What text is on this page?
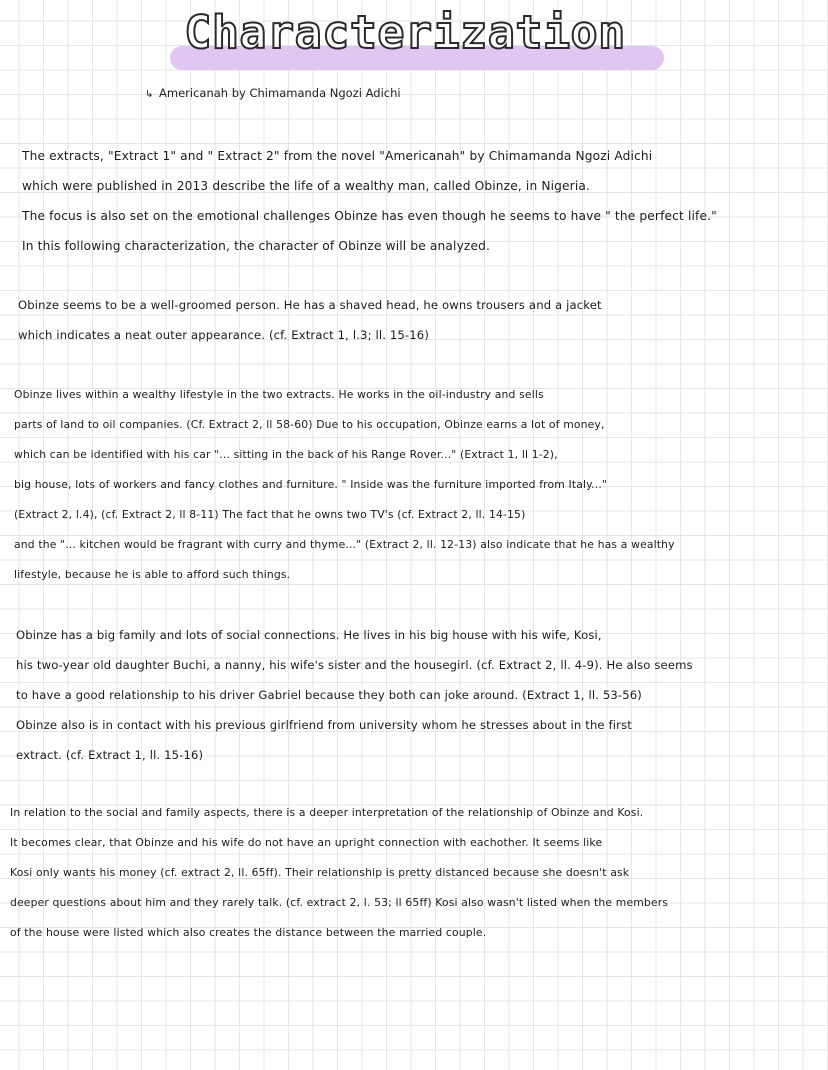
Characterization
↳ Americanah by Chimamanda Ngozi Adichi
The extracts, "Extract 1" and " Extract 2" from the novel "Americanah" by Chimamanda Ngozi Adichi
which were published in 2013 describe the life of a wealthy man, called Obinze, in Nigeria.
The focus is also set on the emotional challenges Obinze has even though he seems to have " the perfect life."
In this following characterization, the character of Obinze will be analyzed.
Obinze seems to be a well-groomed person. He has a shaved head, he owns trousers and a jacket
which indicates a neat outer appearance. (cf. Extract 1, l.3; ll. 15-16)
Obinze lives within a wealthy lifestyle in the two extracts. He works in the oil-industry and sells
parts of land to oil companies. (Cf. Extract 2, ll 58-60) Due to his occupation, Obinze earns a lot of money,
which can be identified with his car "... sitting in the back of his Range Rover..." (Extract 1, ll 1-2),
big house, lots of workers and fancy clothes and furniture. " Inside was the furniture imported from Italy..."
(Extract 2, l.4), (cf. Extract 2, ll 8-11) The fact that he owns two TV's (cf. Extract 2, ll. 14-15)
and the "... kitchen would be fragrant with curry and thyme..." (Extract 2, ll. 12-13) also indicate that he has a wealthy
lifestyle, because he is able to afford such things.
Obinze has a big family and lots of social connections. He lives in his big house with his wife, Kosi,
his two-year old daughter Buchi, a nanny, his wife's sister and the housegirl. (cf. Extract 2, ll. 4-9). He also seems
to have a good relationship to his driver Gabriel because they both can joke around. (Extract 1, ll. 53-56)
Obinze also is in contact with his previous girlfriend from university whom he stresses about in the first
extract. (cf. Extract 1, ll. 15-16)
In relation to the social and family aspects, there is a deeper interpretation of the relationship of Obinze and Kosi.
It becomes clear, that Obinze and his wife do not have an upright connection with eachother. It seems like
Kosi only wants his money (cf. extract 2, ll. 65ff). Their relationship is pretty distanced because she doesn't ask
deeper questions about him and they rarely talk. (cf. extract 2, l. 53; ll 65ff) Kosi also wasn't listed when the members
of the house were listed which also creates the distance between the married couple.
